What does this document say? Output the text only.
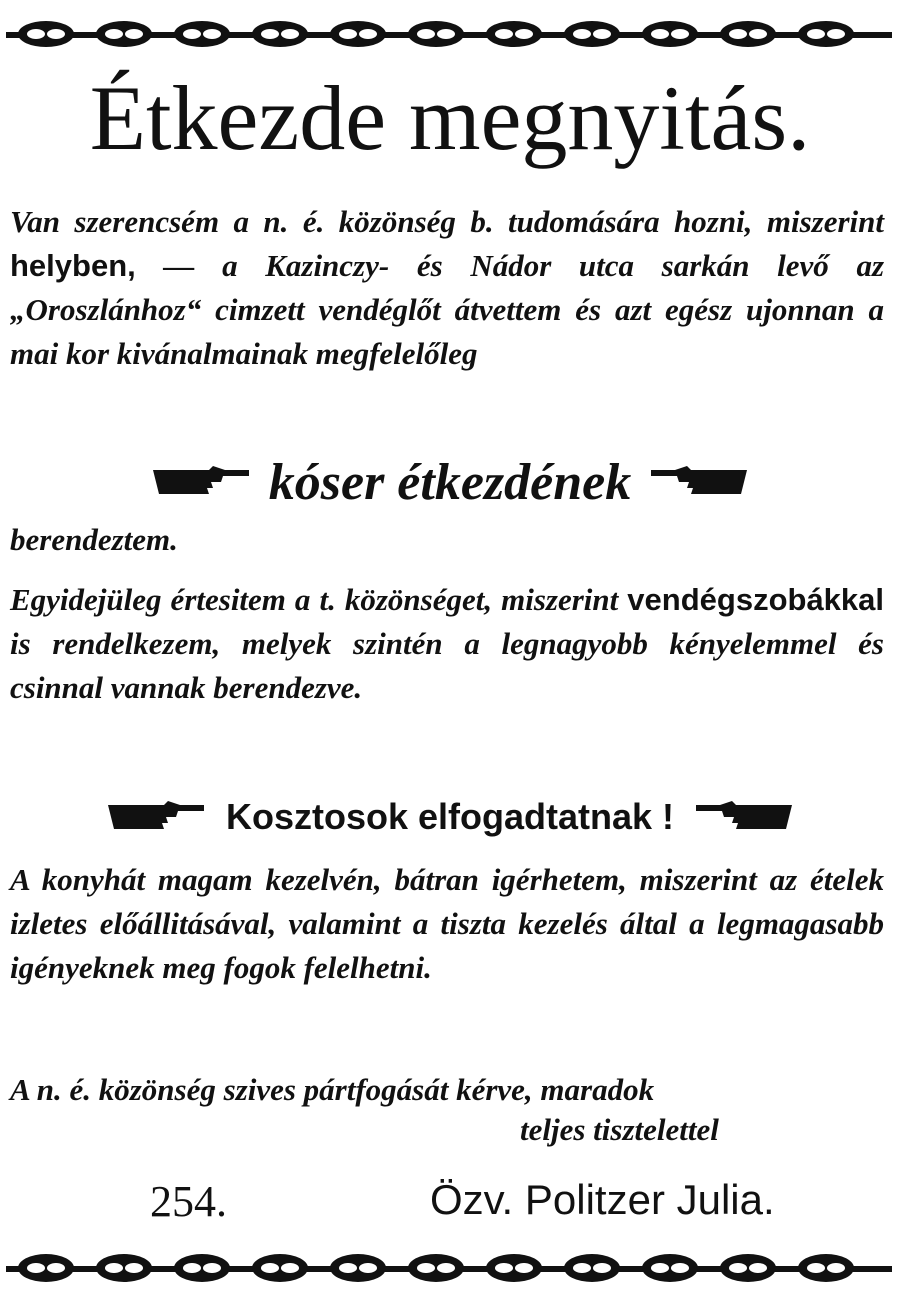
Étkezde megnyitás.
Van szerencsém a n. é. közönség b. tudomására hozni, miszerint helyben, — a Kazinczy- és Nádor utca sarkán levő az „Oroszlánhoz“ cimzett vendéglőt átvettem és azt egész ujonnan a mai kor kivánalmainak megfelelőleg
kóser étkezdének
berendeztem.
Egyidejüleg értesitem a t. közönséget, miszerint vendégszobákkal is rendelkezem, melyek szintén a legnagyobb kényelemmel és csinnal vannak berendezve.
Kosztosok elfogadtatnak !
A konyhát magam kezelvén, bátran igérhetem, miszerint az ételek izletes előállitásával, valamint a tiszta kezelés által a legmagasabb igényeknek meg fogok felelhetni.
A n. é. közönség szives pártfogását kérve, maradok
teljes tisztelettel
254.	Özv. Politzer Julia.
